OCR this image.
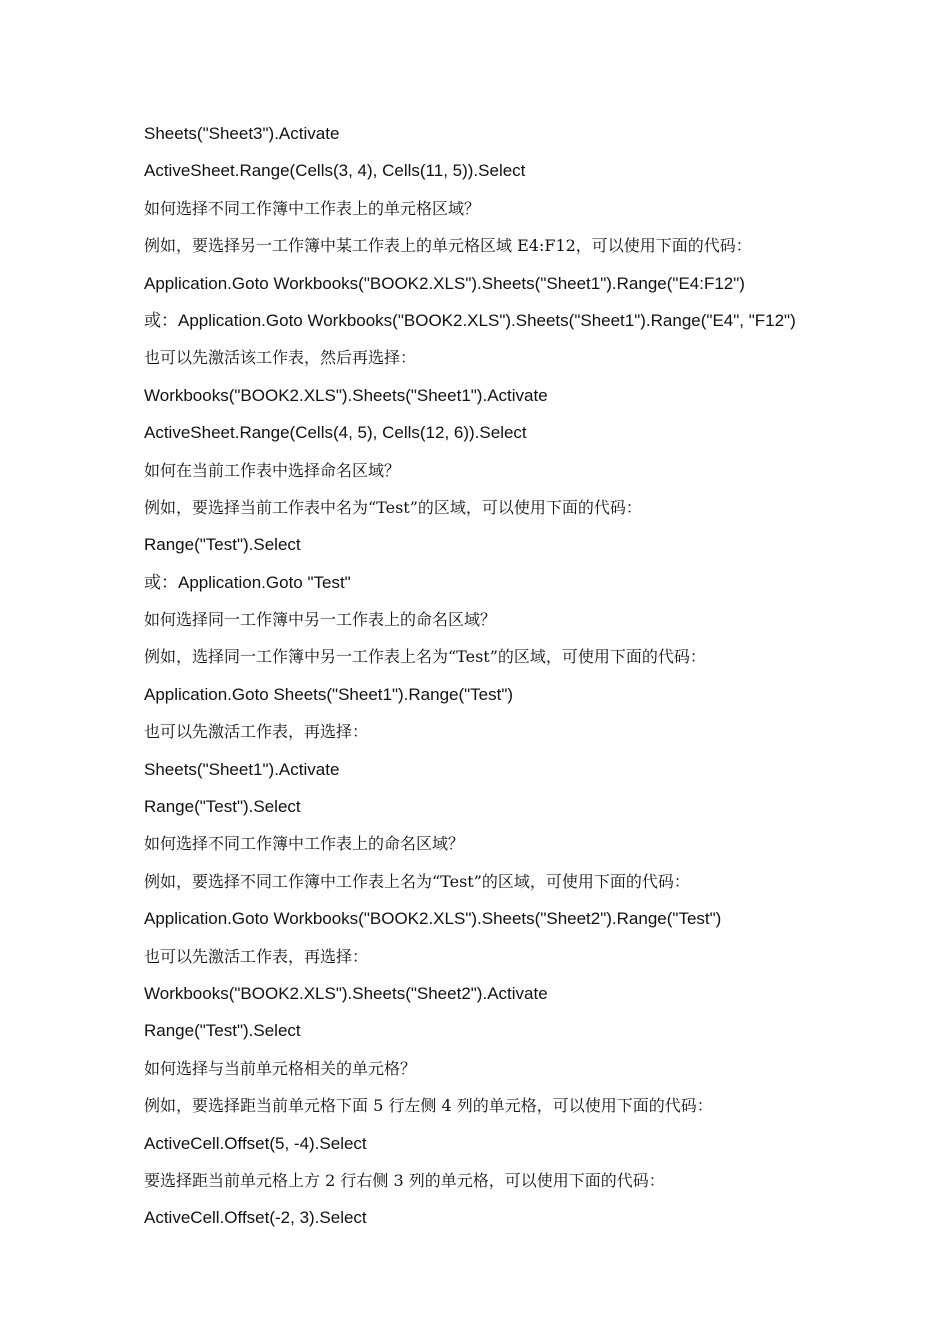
Sheets("Sheet3").Activate
ActiveSheet.Range(Cells(3, 4), Cells(11, 5)).Select
如何选择不同工作簿中工作表上的单元格区域？
例如，要选择另一工作簿中某工作表上的单元格区域 E4:F12，可以使用下面的代码：
Application.Goto Workbooks("BOOK2.XLS").Sheets("Sheet1").Range("E4:F12")
或：Application.Goto Workbooks("BOOK2.XLS").Sheets("Sheet1").Range("E4", "F12")
也可以先激活该工作表，然后再选择：
Workbooks("BOOK2.XLS").Sheets("Sheet1").Activate
ActiveSheet.Range(Cells(4, 5), Cells(12, 6)).Select
如何在当前工作表中选择命名区域？
例如，要选择当前工作表中名为“Test”的区域，可以使用下面的代码：
Range("Test").Select
或：Application.Goto "Test"
如何选择同一工作簿中另一工作表上的命名区域？
例如，选择同一工作簿中另一工作表上名为“Test”的区域，可使用下面的代码：
Application.Goto Sheets("Sheet1").Range("Test")
也可以先激活工作表，再选择：
Sheets("Sheet1").Activate
Range("Test").Select
如何选择不同工作簿中工作表上的命名区域？
例如，要选择不同工作簿中工作表上名为“Test”的区域，可使用下面的代码：
Application.Goto Workbooks("BOOK2.XLS").Sheets("Sheet2").Range("Test")
也可以先激活工作表，再选择：
Workbooks("BOOK2.XLS").Sheets("Sheet2").Activate
Range("Test").Select
如何选择与当前单元格相关的单元格？
例如，要选择距当前单元格下面 5 行左侧 4 列的单元格，可以使用下面的代码：
ActiveCell.Offset(5, -4).Select
要选择距当前单元格上方 2 行右侧 3 列的单元格，可以使用下面的代码：
ActiveCell.Offset(-2, 3).Select
